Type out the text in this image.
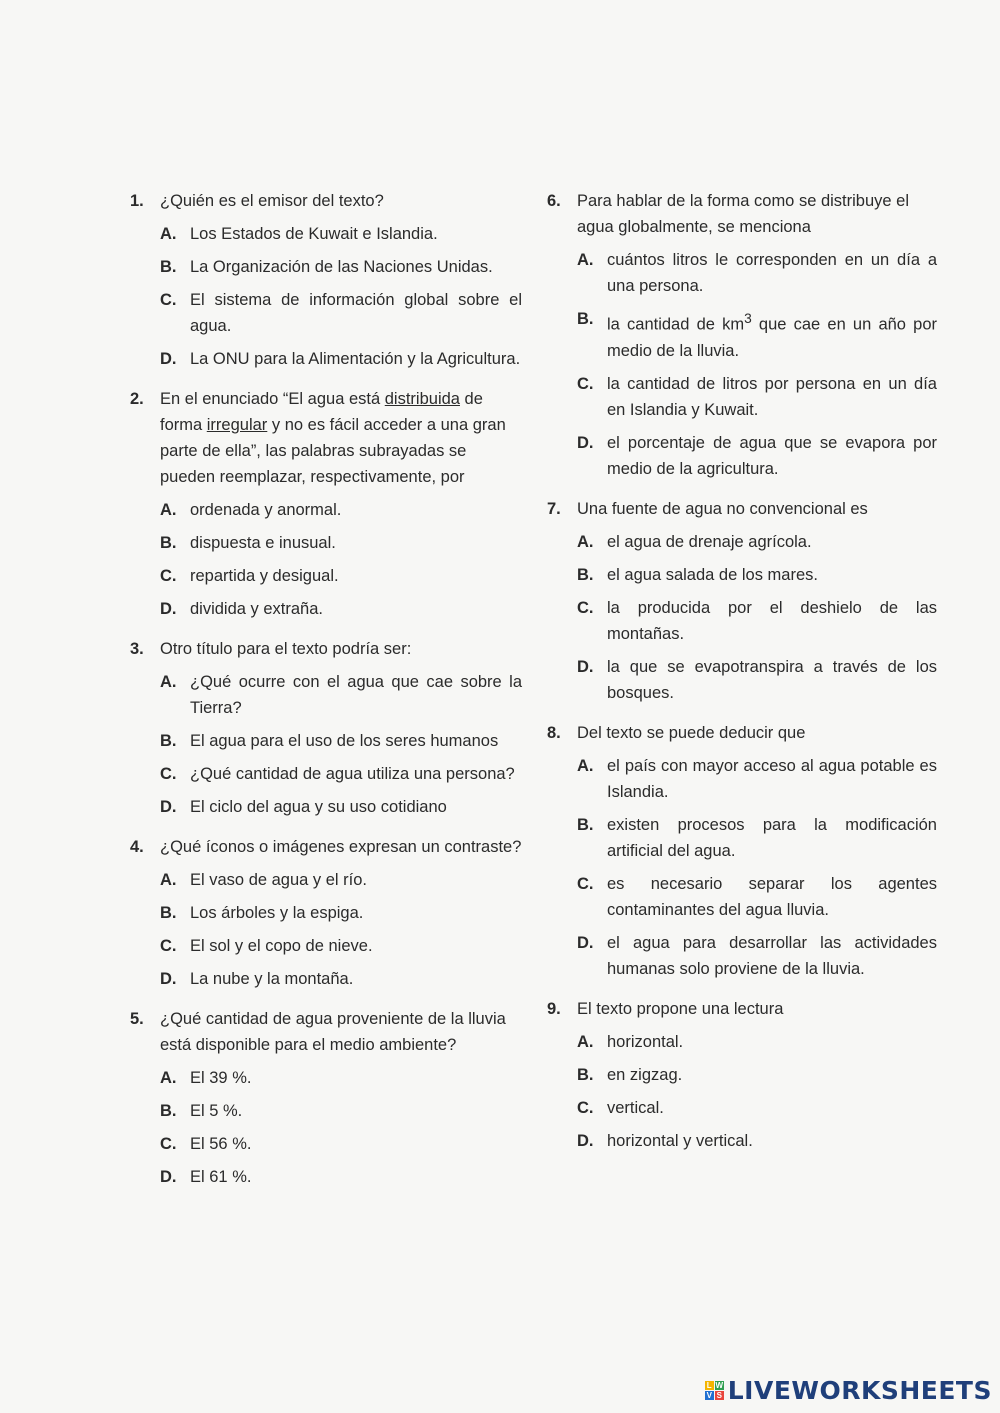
1. ¿Quién es el emisor del texto?
A. Los Estados de Kuwait e Islandia.
B. La Organización de las Naciones Unidas.
C. El sistema de información global sobre el agua.
D. La ONU para la Alimentación y la Agricultura.
2. En el enunciado “El agua está distribuida de forma irregular y no es fácil acceder a una gran parte de ella”, las palabras subrayadas se pueden reemplazar, respectivamente, por
A. ordenada y anormal.
B. dispuesta e inusual.
C. repartida y desigual.
D. dividida y extraña.
3. Otro título para el texto podría ser:
A. ¿Qué ocurre con el agua que cae sobre la Tierra?
B. El agua para el uso de los seres humanos
C. ¿Qué cantidad de agua utiliza una persona?
D. El ciclo del agua y su uso cotidiano
4. ¿Qué íconos o imágenes expresan un contraste?
A. El vaso de agua y el río.
B. Los árboles y la espiga.
C. El sol y el copo de nieve.
D. La nube y la montaña.
5. ¿Qué cantidad de agua proveniente de la lluvia está disponible para el medio ambiente?
A. El 39 %.
B. El 5 %.
C. El 56 %.
D. El 61 %.
6. Para hablar de la forma como se distribuye el agua globalmente, se menciona
A. cuántos litros le corresponden en un día a una persona.
B. la cantidad de $km^3$ que cae en un año por medio de la lluvia.
C. la cantidad de litros por persona en un día en Islandia y Kuwait.
D. el porcentaje de agua que se evapora por medio de la agricultura.
7. Una fuente de agua no convencional es
A. el agua de drenaje agrícola.
B. el agua salada de los mares.
C. la producida por el deshielo de las montañas.
D. la que se evapotranspira a través de los bosques.
8. Del texto se puede deducir que
A. el país con mayor acceso al agua potable es Islandia.
B. existen procesos para la modificación artificial del agua.
C. es necesario separar los agentes contaminantes del agua lluvia.
D. el agua para desarrollar las actividades humanas solo proviene de la lluvia.
9. El texto propone una lectura
A. horizontal.
B. en zigzag.
C. vertical.
D. horizontal y vertical.
L W
V S LIVEWORKSHEETS
